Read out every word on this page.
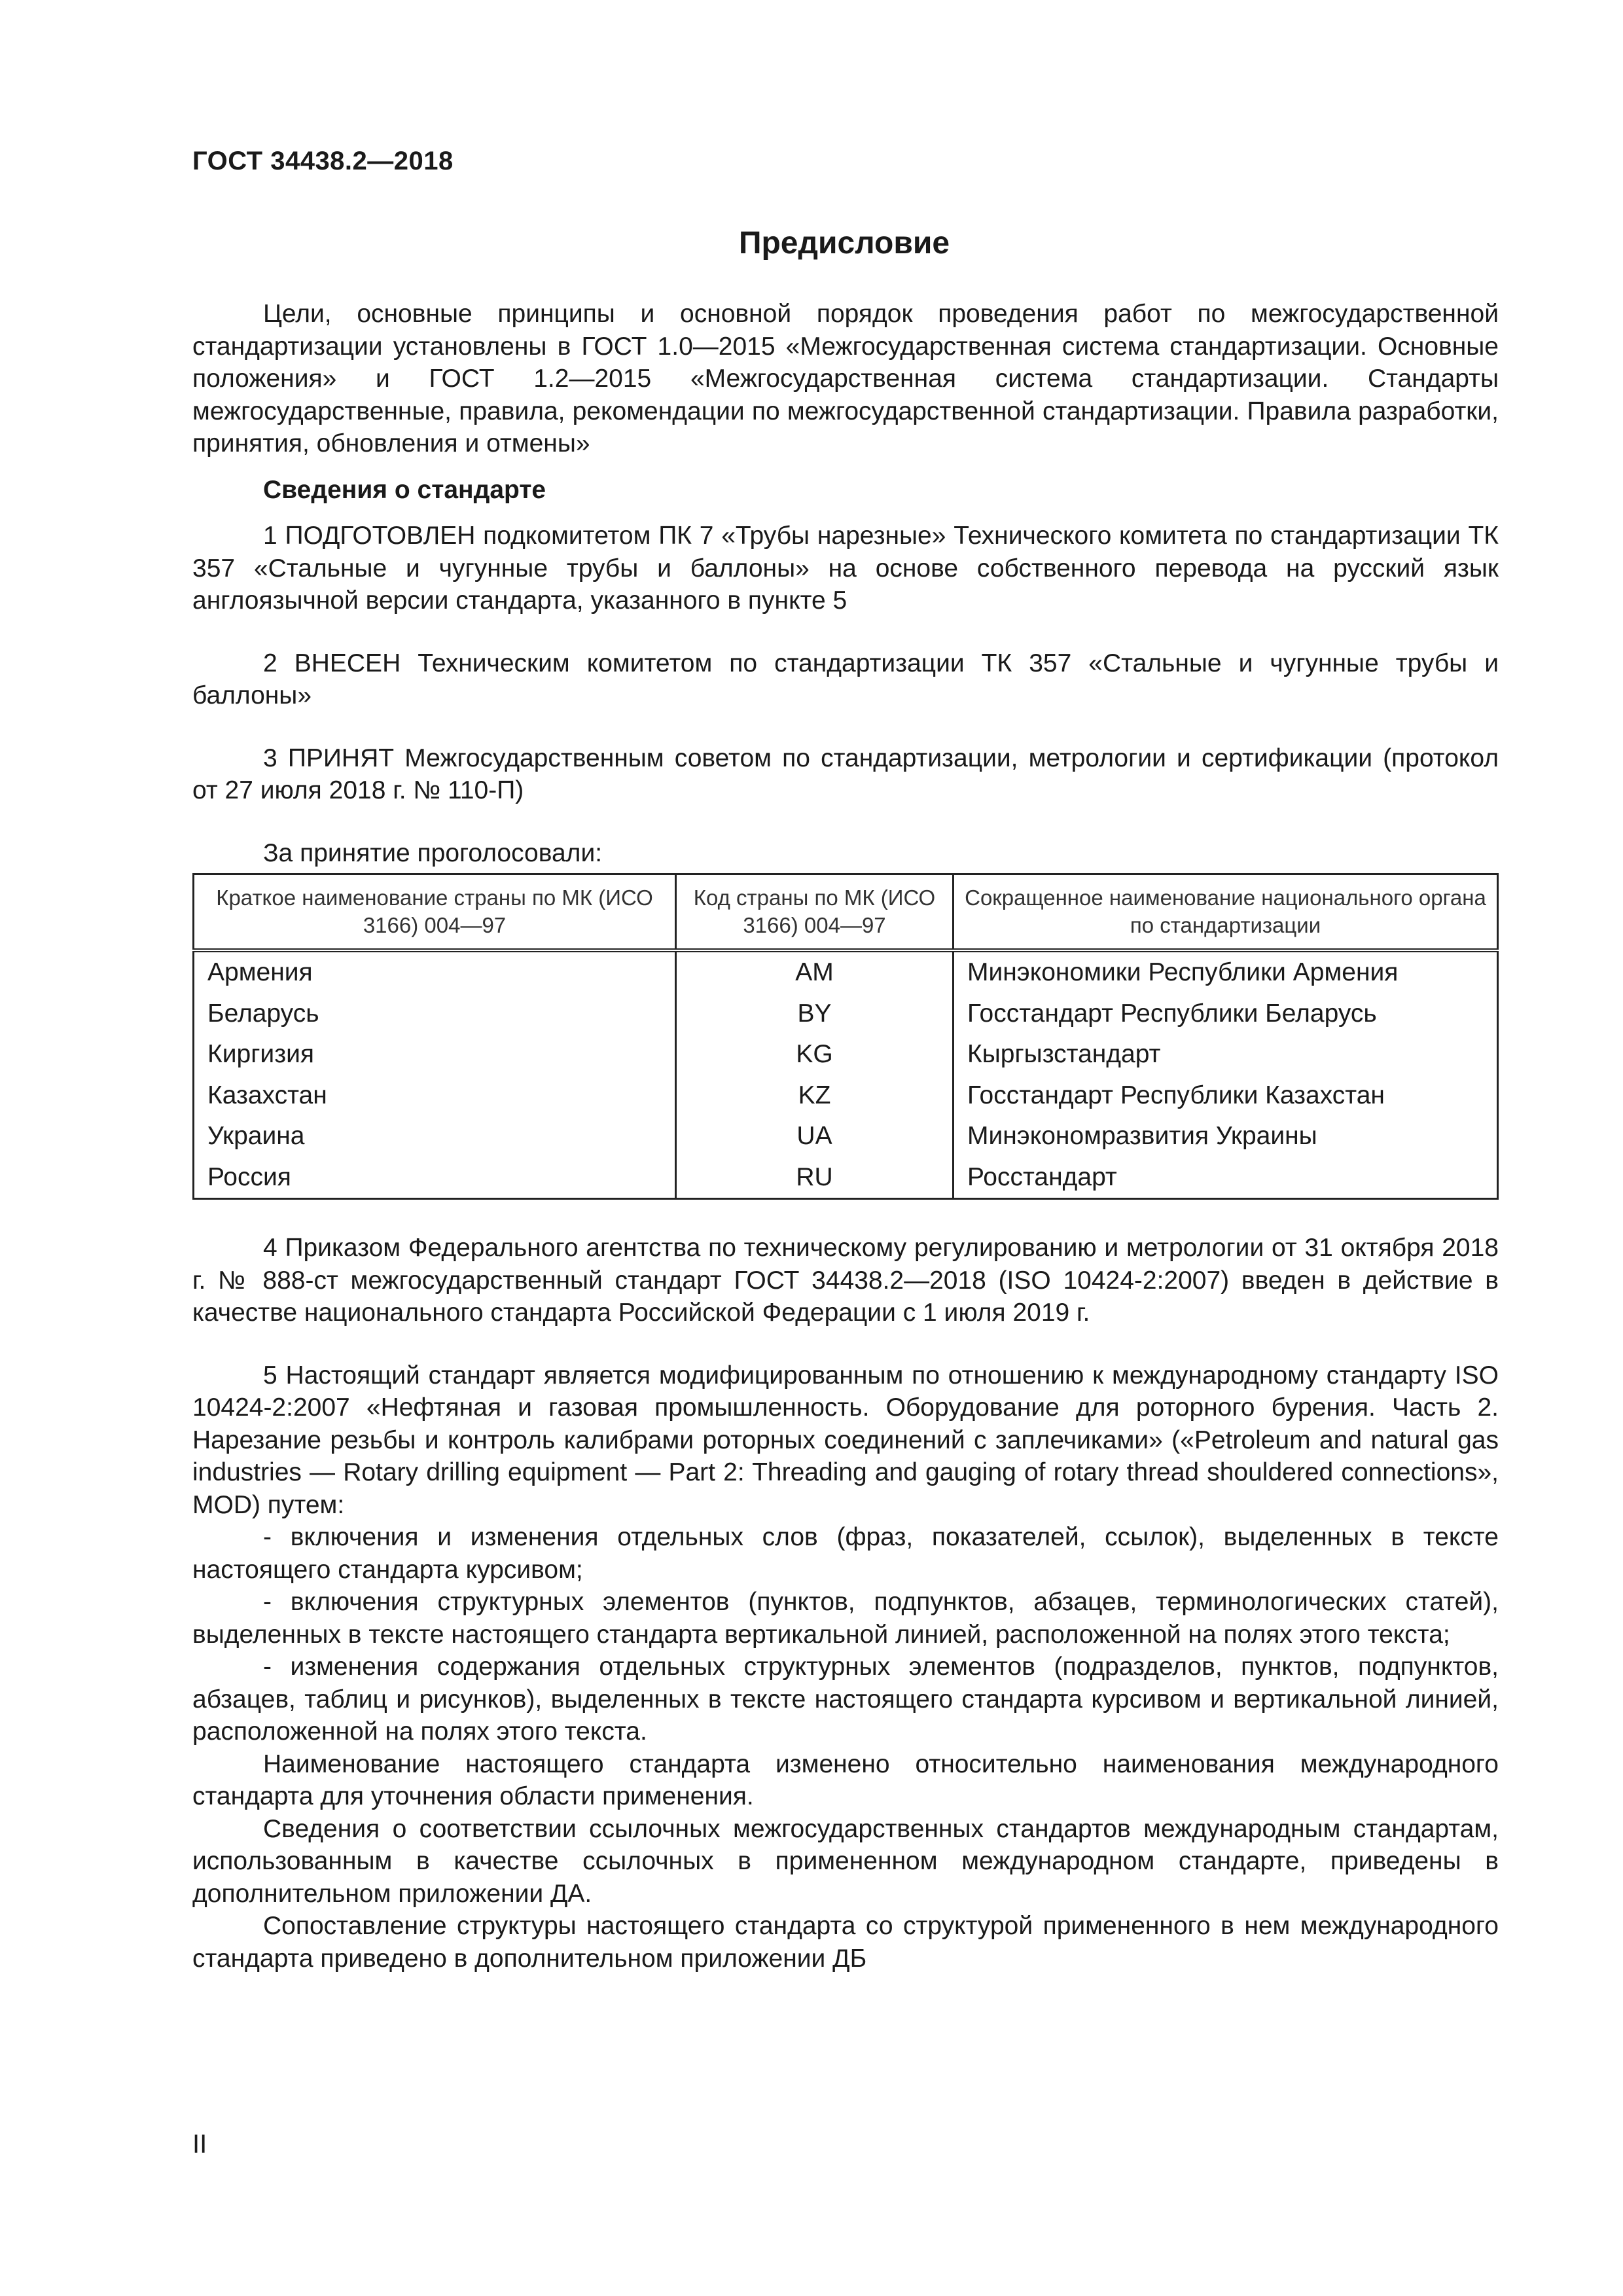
ГОСТ 34438.2—2018
Предисловие

Цели, основные принципы и основной порядок проведения работ по межгосударственной стандартизации установлены в ГОСТ 1.0—2015 «Межгосударственная система стандартизации. Основные положения» и ГОСТ 1.2—2015 «Межгосударственная система стандартизации. Стандарты межгосударственные, правила, рекомендации по межгосударственной стандартизации. Правила разработки, принятия, обновления и отмены»

Сведения о стандарте

1 ПОДГОТОВЛЕН подкомитетом ПК 7 «Трубы нарезные» Технического комитета по стандартизации ТК 357 «Стальные и чугунные трубы и баллоны» на основе собственного перевода на русский язык англоязычной версии стандарта, указанного в пункте 5

2 ВНЕСЕН Техническим комитетом по стандартизации ТК 357 «Стальные и чугунные трубы и баллоны»

3 ПРИНЯТ Межгосударственным советом по стандартизации, метрологии и сертификации (протокол от 27 июля 2018 г. № 110-П)

За принятие проголосовали:
Краткое наименование страны по МК (ИСО 3166) 004—97	Код страны по МК (ИСО 3166) 004—97	Сокращенное наименование национального органа по стандартизации
Армения	AM	Минэкономики Республики Армения
Беларусь	BY	Госстандарт Республики Беларусь
Киргизия	KG	Кыргызстандарт
Казахстан	KZ	Госстандарт Республики Казахстан
Украина	UA	Минэкономразвития Украины
Россия	RU	Росстандарт

4 Приказом Федерального агентства по техническому регулированию и метрологии от 31 октября 2018 г. № 888-ст межгосударственный стандарт ГОСТ 34438.2—2018 (ISO 10424-2:2007) введен в действие в качестве национального стандарта Российской Федерации с 1 июля 2019 г.

5 Настоящий стандарт является модифицированным по отношению к международному стандарту ISO 10424-2:2007 «Нефтяная и газовая промышленность. Оборудование для роторного бурения. Часть 2. Нарезание резьбы и контроль калибрами роторных соединений с заплечиками» («Petroleum and natural gas industries — Rotary drilling equipment — Part 2: Threading and gauging of rotary thread shouldered connections», MOD) путем:

- включения и изменения отдельных слов (фраз, показателей, ссылок), выделенных в тексте настоящего стандарта курсивом;

- включения структурных элементов (пунктов, подпунктов, абзацев, терминологических статей), выделенных в тексте настоящего стандарта вертикальной линией, расположенной на полях этого текста;

- изменения содержания отдельных структурных элементов (подразделов, пунктов, подпунктов, абзацев, таблиц и рисунков), выделенных в тексте настоящего стандарта курсивом и вертикальной линией, расположенной на полях этого текста.

Наименование настоящего стандарта изменено относительно наименования международного стандарта для уточнения области применения.

Сведения о соответствии ссылочных межгосударственных стандартов международным стандартам, использованным в качестве ссылочных в примененном международном стандарте, приведены в дополнительном приложении ДА.

Сопоставление структуры настоящего стандарта со структурой примененного в нем международного стандарта приведено в дополнительном приложении ДБ

II
